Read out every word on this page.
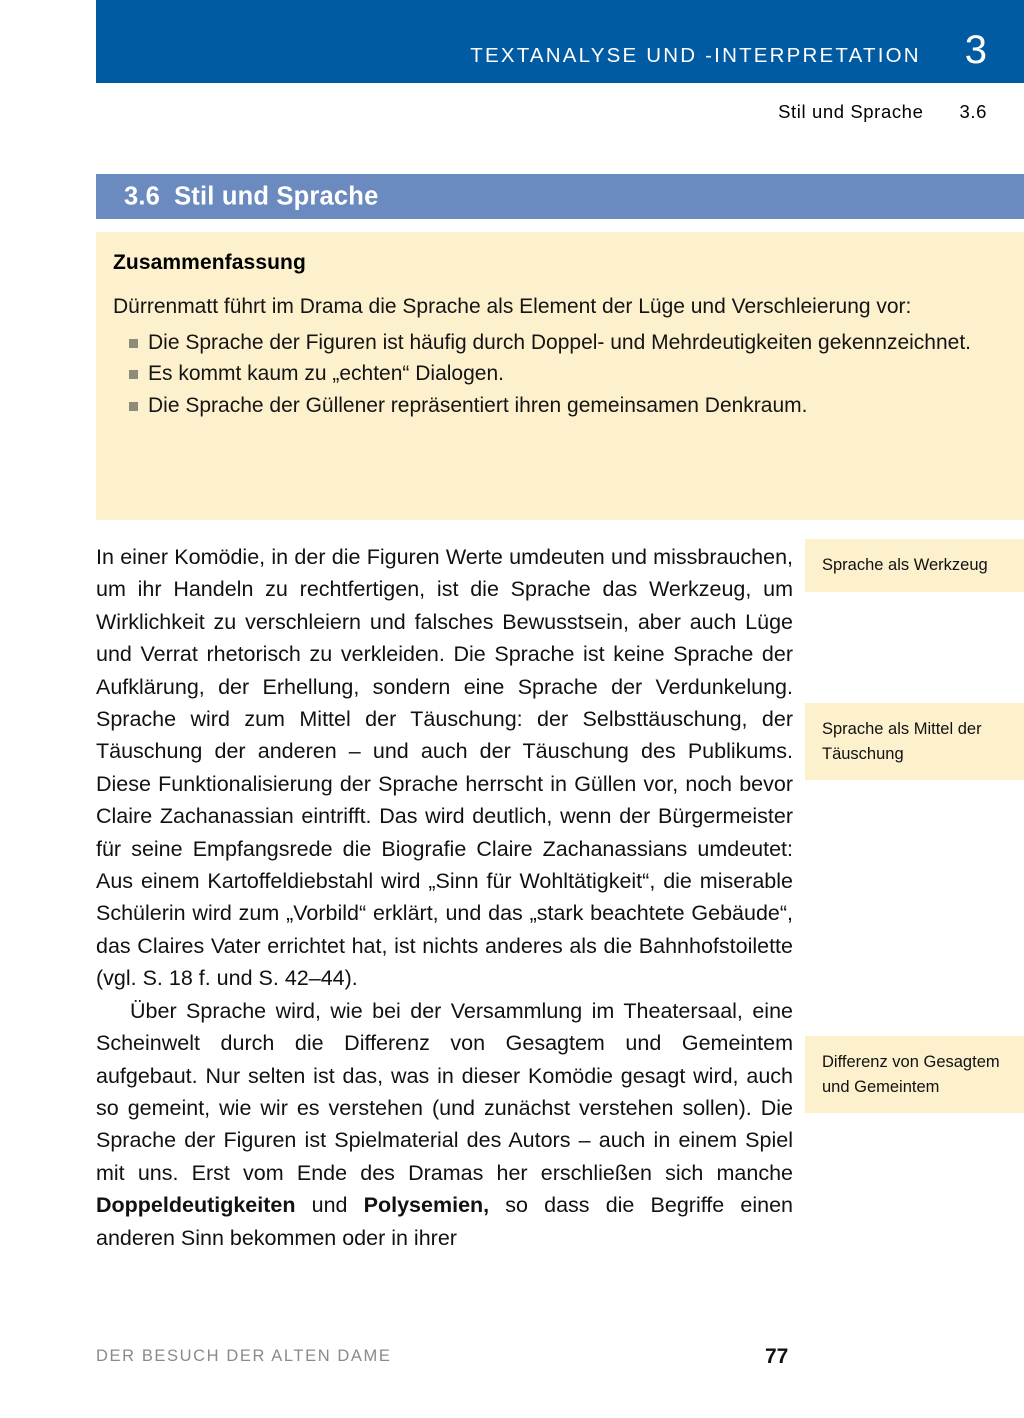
TEXTANALYSE UND -INTERPRETATION 3
Stil und Sprache 3.6
3.6 Stil und Sprache
Zusammenfassung

Dürrenmatt führt im Drama die Sprache als Element der Lüge und Verschleierung vor:

Die Sprache der Figuren ist häufig durch Doppel- und Mehrdeutigkeiten gekennzeichnet.
Es kommt kaum zu „echten“ Dialogen.
Die Sprache der Güllener repräsentiert ihren gemeinsamen Denkraum.

In einer Komödie, in der die Figuren Werte umdeuten und missbrauchen, um ihr Handeln zu rechtfertigen, ist die Sprache das Werkzeug, um Wirklichkeit zu verschleiern und falsches Bewusstsein, aber auch Lüge und Verrat rhetorisch zu verkleiden. Die Sprache ist keine Sprache der Aufklärung, der Erhellung, sondern eine Sprache der Verdunkelung. Sprache wird zum Mittel der Täuschung: der Selbsttäuschung, der Täuschung der anderen – und auch der Täuschung des Publikums. Diese Funktionalisierung der Sprache herrscht in Güllen vor, noch bevor Claire Zachanassian eintrifft. Das wird deutlich, wenn der Bürgermeister für seine Empfangsrede die Biografie Claire Zachanassians umdeutet: Aus einem Kartoffeldiebstahl wird „Sinn für Wohltätigkeit“, die miserable Schülerin wird zum „Vorbild“ erklärt, und das „stark beachtete Gebäude“, das Claires Vater errichtet hat, ist nichts anderes als die Bahnhofstoilette (vgl. S. 18 f. und S. 42–44).

Über Sprache wird, wie bei der Versammlung im Theatersaal, eine Scheinwelt durch die Differenz von Gesagtem und Gemeintem aufgebaut. Nur selten ist das, was in dieser Komödie gesagt wird, auch so gemeint, wie wir es verstehen (und zunächst verstehen sollen). Die Sprache der Figuren ist Spielmaterial des Autors – auch in einem Spiel mit uns. Erst vom Ende des Dramas her erschließen sich manche Doppeldeutigkeiten und Polysemien, so dass die Begriffe einen anderen Sinn bekommen oder in ihrer

Sprache als Werkzeug
Sprache als Mittel der Täuschung
Differenz von Gesagtem und Gemeintem
DER BESUCH DER ALTEN DAME	77
